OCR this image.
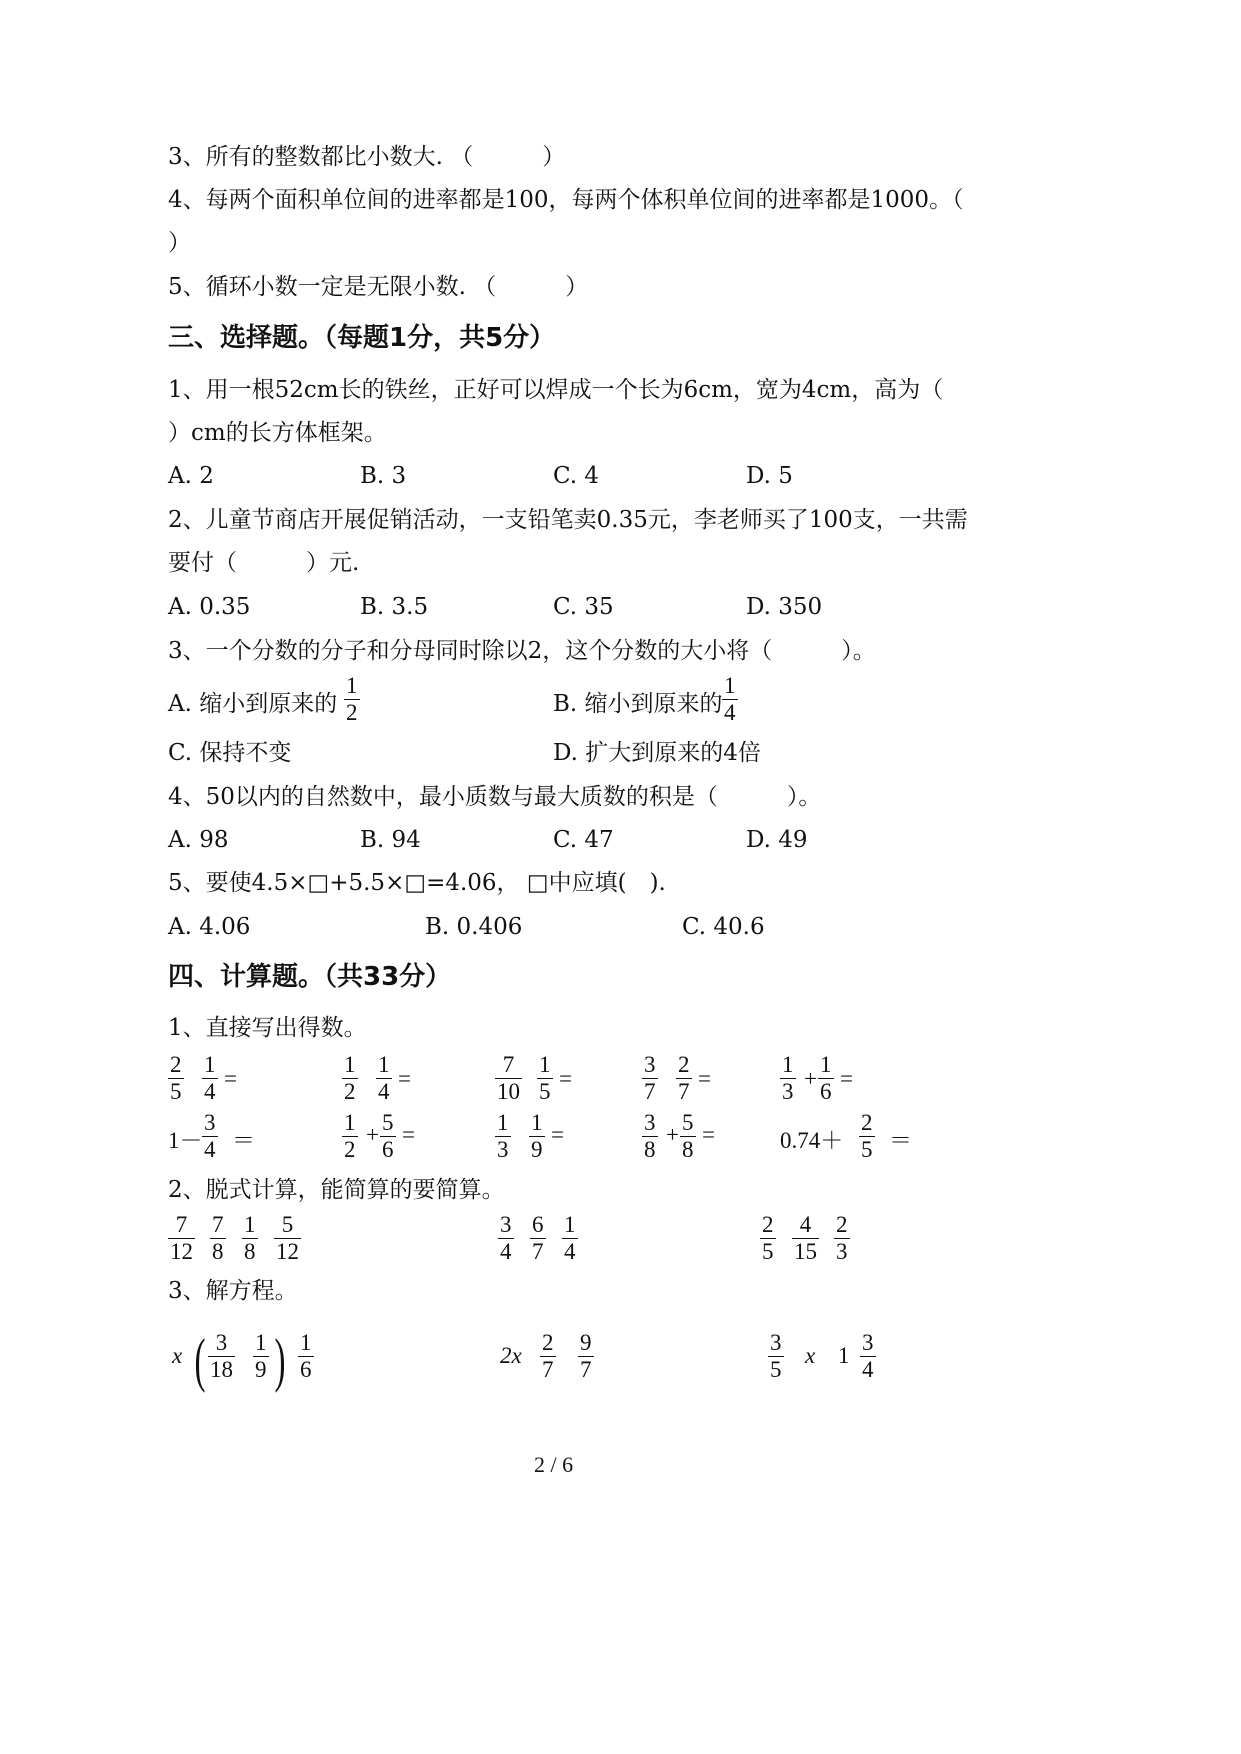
3、所有的整数都比小数大. （　　　）
4、每两个面积单位间的进率都是100，每两个体积单位间的进率都是1000。（
）
5、循环小数一定是无限小数. （　　　）
三、选择题。（每题1分，共5分）
1、用一根52cm长的铁丝，正好可以焊成一个长为6cm，宽为4cm，高为（
）cm的长方体框架。
A. 2	B. 3	C. 4	D. 5
2、儿童节商店开展促销活动，一支铅笔卖0.35元，李老师买了100支，一共需
要付（　　　）元.
A. 0.35	B. 3.5	C. 35	D. 350
3、一个分数的分子和分母同时除以2，这个分数的大小将（　　　）。
A. 缩小到原来的 $\frac{1}{2}$	B. 缩小到原来的 $\frac{1}{4}$
C. 保持不变	D. 扩大到原来的4倍
4、50以内的自然数中，最小质数与最大质数的积是（　　　）。
A. 98	B. 94	C. 47	D. 49
5、要使4.5×□+5.5×□=4.06， □中应填(　).
A. 4.06	B. 0.406	C. 40.6
四、计算题。（共33分）
1、直接写出得数。
$\frac{2}{5} \frac{1}{4}$ =	$\frac{1}{2} \frac{1}{4}$ =	$\frac{7}{10} \frac{1}{5}$ =	$\frac{3}{7} \frac{2}{7}$ =	$\frac{1}{3} + \frac{1}{6}$ =
$1- \frac{3}{4}$ ＝	$\frac{1}{2} + \frac{5}{6}$ =	$\frac{1}{3} \frac{1}{9}$ =	$\frac{3}{8} + \frac{5}{8}$ =	$0.74+ \frac{2}{5}$ ＝
2、脱式计算，能简算的要简算。
$\frac{7}{12} \frac{7}{8} \frac{1}{8} \frac{5}{12}$	$\frac{3}{4} \frac{6}{7} \frac{1}{4}$	$\frac{2}{5} \frac{4}{15} \frac{2}{3}$
3、解方程。
x ( $\frac{3}{18} \frac{1}{9}$ ) $\frac{1}{6}$	$2x \frac{2}{7} \frac{9}{7}$	$\frac{3}{5}$ x $1 \frac{3}{4}$
2 / 6
